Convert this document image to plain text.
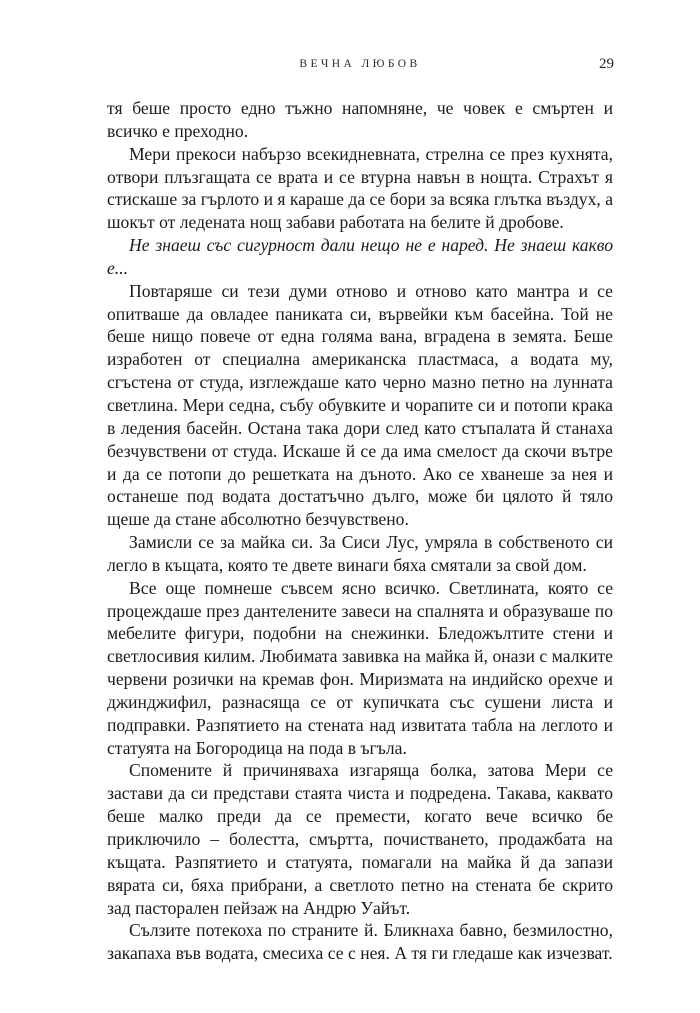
ВЕЧНА ЛЮБОВ	29

тя беше просто едно тъжно напомняне, че човек е смъртен и всичко е преходно.

Мери прекоси набързо всекидневната, стрелна се през кухнята, отвори плъзгащата се врата и се втурна навън в нощта. Страхът я стискаше за гърлото и я караше да се бори за всяка глътка въздух, а шокът от ледената нощ забави работата на белите й дробове.

Не знаеш със сигурност дали нещо не е наред. Не знаеш какво е...

Повтаряше си тези думи отново и отново като мантра и се опитваше да овладее паниката си, вървейки към басейна. Той не беше нищо повече от една голяма вана, вградена в земята. Беше изработен от специална американска пластмаса, а водата му, сгъстена от студа, изглеждаше като черно мазно петно на лунната светлина. Мери седна, събу обувките и чорапите си и потопи крака в ледения басейн. Остана така дори след като стъпалата й станаха безчувствени от студа. Искаше й се да има смелост да скочи вътре и да се потопи до решетката на дъното. Ако се хванеше за нея и останеше под водата достатъчно дълго, може би цялото й тяло щеше да стане абсолютно безчувствено.

Замисли се за майка си. За Сиси Лус, умряла в собственото си легло в къщата, която те двете винаги бяха смятали за свой дом.

Все още помнеше съвсем ясно всичко. Светлината, която се процеждаше през дантелените завеси на спалнята и образуваше по мебелите фигури, подобни на снежинки. Бледожълтите стени и светлосивия килим. Любимата завивка на майка й, онази с малките червени розички на кремав фон. Миризмата на индийско орехче и джинджифил, разнасяща се от купичката със сушени листа и подправки. Разпятието на стената над извитата табла на леглото и статуята на Богородица на пода в ъгъла.

Спомените й причиняваха изгаряща болка, затова Мери се застави да си представи стаята чиста и подредена. Такава, каквато беше малко преди да се премести, когато вече всичко бе приключило – болестта, смъртта, почистването, продажбата на къщата. Разпятието и статуята, помагали на майка й да запази вярата си, бяха прибрани, а светлото петно на стената бе скрито зад пасторален пейзаж на Андрю Уайът.

Сълзите потекоха по страните й. Бликнаха бавно, безмилостно, закапаха във водата, смесиха се с нея. А тя ги гледаше как изчезват.
